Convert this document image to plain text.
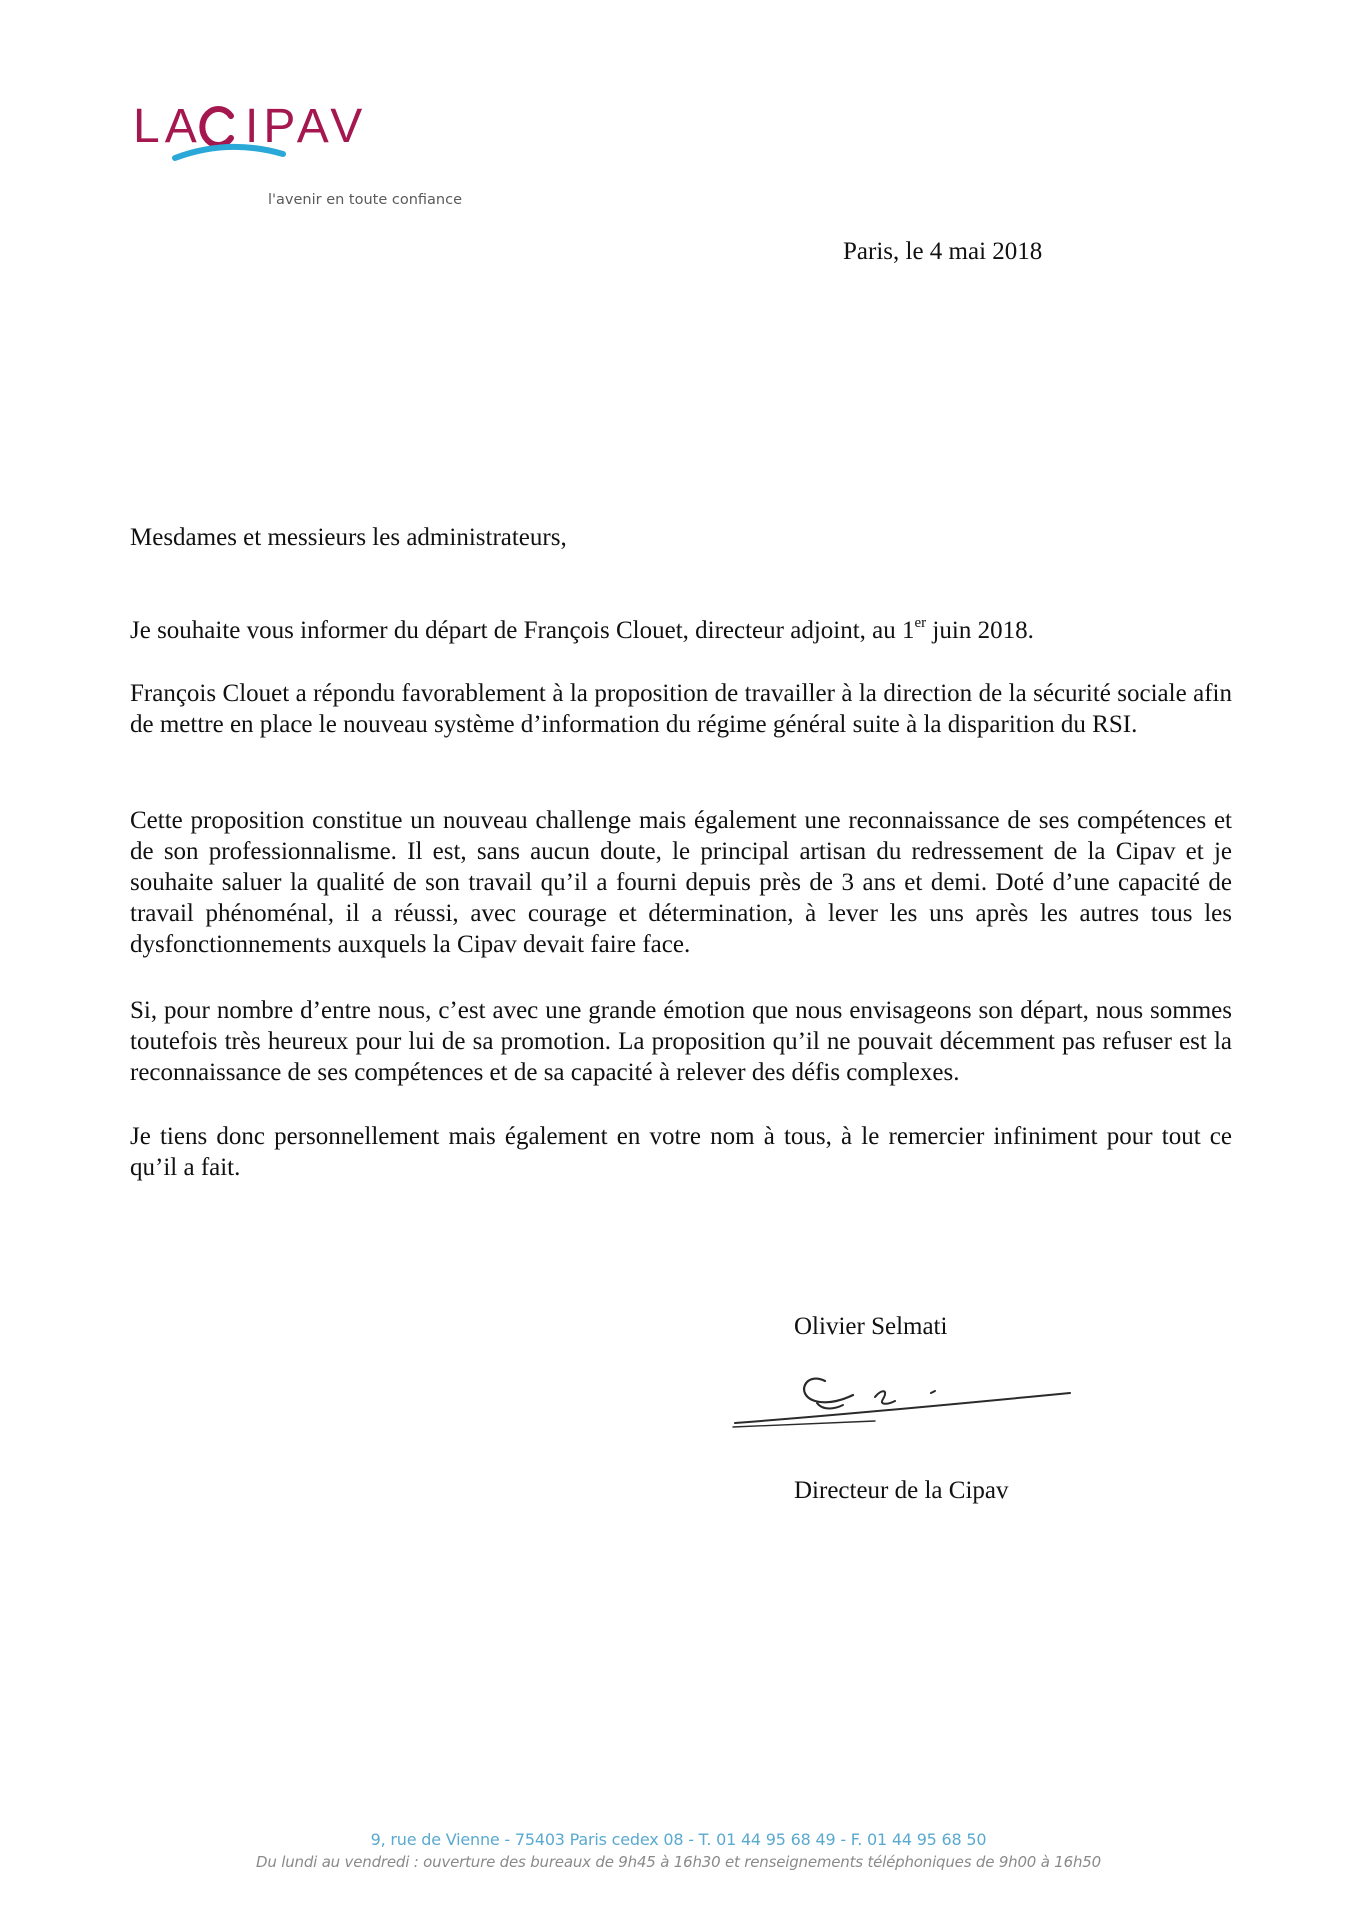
LA IPAV
l'avenir en toute confiance
Paris, le 4 mai 2018
Mesdames et messieurs les administrateurs,
Je souhaite vous informer du départ de François Clouet, directeur adjoint, au 1er juin 2018.
François Clouet a répondu favorablement à la proposition de travailler à la direction de la sécurité sociale afin de mettre en place le nouveau système d’information du régime général suite à la disparition du RSI.
Cette proposition constitue un nouveau challenge mais également une reconnaissance de ses compétences et de son professionnalisme. Il est, sans aucun doute, le principal artisan du redressement de la Cipav et je souhaite saluer la qualité de son travail qu’il a fourni depuis près de 3 ans et demi. Doté d’une capacité de travail phénoménal, il a réussi, avec courage et détermination, à lever les uns après les autres tous les dysfonctionnements auxquels la Cipav devait faire face.
Si, pour nombre d’entre nous, c’est avec une grande émotion que nous envisageons son départ, nous sommes toutefois très heureux pour lui de sa promotion. La proposition qu’il ne pouvait décemment pas refuser est la reconnaissance de ses compétences et de sa capacité à relever des défis complexes.
Je tiens donc personnellement mais également en votre nom à tous, à le remercier infiniment pour tout ce qu’il a fait.
Olivier Selmati
Directeur de la Cipav
9, rue de Vienne - 75403 Paris cedex 08 - T. 01 44 95 68 49 - F. 01 44 95 68 50
Du lundi au vendredi : ouverture des bureaux de 9h45 à 16h30 et renseignements téléphoniques de 9h00 à 16h50
